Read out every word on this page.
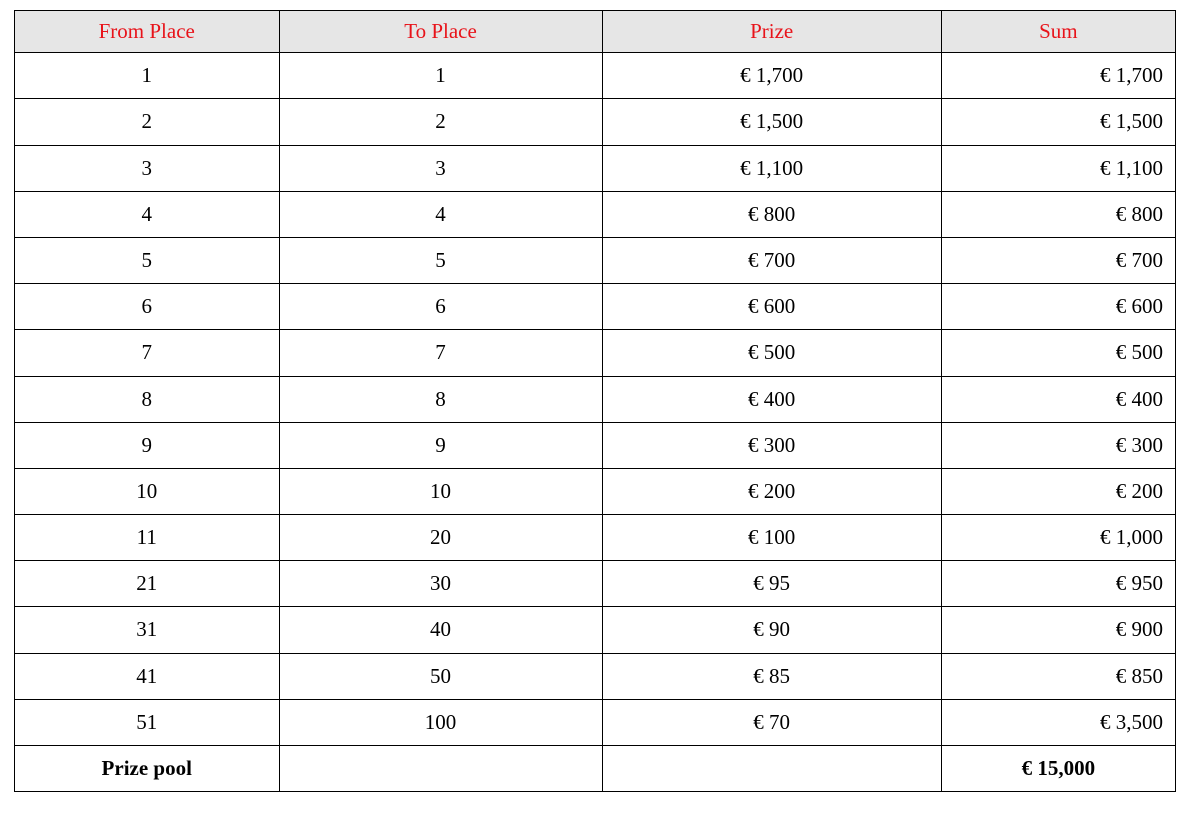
From Place	To Place	Prize	Sum
1	1	€ 1,700	€ 1,700
2	2	€ 1,500	€ 1,500
3	3	€ 1,100	€ 1,100
4	4	€ 800	€ 800
5	5	€ 700	€ 700
6	6	€ 600	€ 600
7	7	€ 500	€ 500
8	8	€ 400	€ 400
9	9	€ 300	€ 300
10	10	€ 200	€ 200
11	20	€ 100	€ 1,000
21	30	€ 95	€ 950
31	40	€ 90	€ 900
41	50	€ 85	€ 850
51	100	€ 70	€ 3,500
Prize pool			€ 15,000
